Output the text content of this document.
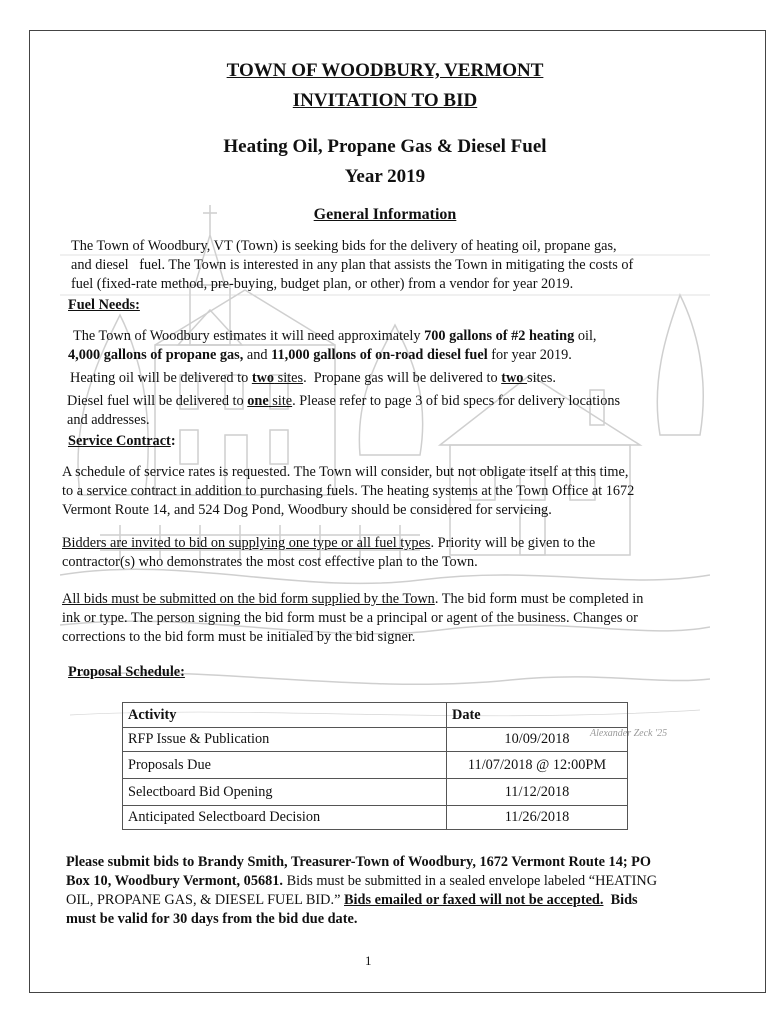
Alexander Zeck '25
TOWN OF WOODBURY, VERMONT
INVITATION TO BID
Heating Oil, Propane Gas & Diesel Fuel
Year 2019
General Information
The Town of Woodbury, VT (Town) is seeking bids for the delivery of heating oil, propane gas,
and diesel   fuel. The Town is interested in any plan that assists the Town in mitigating the costs of
fuel (fixed-rate method, pre-buying, budget plan, or other) from a vendor for year 2019.
Fuel Needs:
The Town of Woodbury estimates it will need approximately 700 gallons of #2 heating oil,
4,000 gallons of propane gas, and 11,000 gallons of on-road diesel fuel for year 2019.
Heating oil will be delivered to two sites.  Propane gas will be delivered to two sites.
Diesel fuel will be delivered to one site. Please refer to page 3 of bid specs for delivery locations
and addresses.
Service Contract:
A schedule of service rates is requested. The Town will consider, but not obligate itself at this time,
to a service contract in addition to purchasing fuels. The heating systems at the Town Office at 1672
Vermont Route 14, and 524 Dog Pond, Woodbury should be considered for servicing.
Bidders are invited to bid on supplying one type or all fuel types. Priority will be given to the
contractor(s) who demonstrates the most cost effective plan to the Town.
All bids must be submitted on the bid form supplied by the Town. The bid form must be completed in
ink or type. The person signing the bid form must be a principal or agent of the business. Changes or
corrections to the bid form must be initialed by the bid signer.
Proposal Schedule:
Activity	Date
RFP Issue & Publication	10/09/2018
Proposals Due	11/07/2018 @ 12:00PM
Selectboard Bid Opening	11/12/2018
Anticipated Selectboard Decision	11/26/2018
Please submit bids to Brandy Smith, Treasurer-Town of Woodbury, 1672 Vermont Route 14; PO
Box 10, Woodbury Vermont, 05681. Bids must be submitted in a sealed envelope labeled “HEATING
OIL, PROPANE GAS, & DIESEL FUEL BID.” Bids emailed or faxed will not be accepted.  Bids
must be valid for 30 days from the bid due date.
1
